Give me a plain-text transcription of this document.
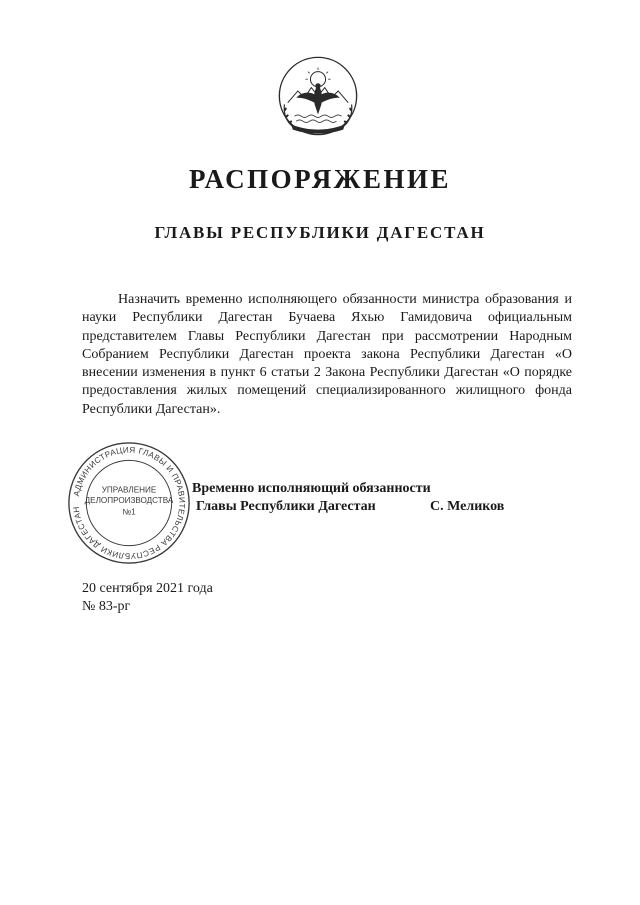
РАСПОРЯЖЕНИЕ
ГЛАВЫ РЕСПУБЛИКИ ДАГЕСТАН

Назначить временно исполняющего обязанности министра образования и науки Республики Дагестан Бучаева Яхью Гамидовича официальным представителем Главы Республики Дагестан при рассмотрении Народным Собранием Республики Дагестан проекта закона Республики Дагестан «О внесении изменения в пункт 6 статьи 2 Закона Республики Дагестан «О порядке предоставления жилых помещений специализированного жилищного фонда Республики Дагестан».

АДМИНИСТРАЦИЯ ГЛАВЫ И ПРАВИТЕЛЬСТВА РЕСПУБЛИКИ ДАГЕСТАН
УПРАВЛЕНИЕ
ДЕЛОПРОИЗВОДСТВА
№1
Временно исполняющий обязанности
Главы Республики Дагестан	С. Меликов
20 сентября 2021 года
№ 83-рг
